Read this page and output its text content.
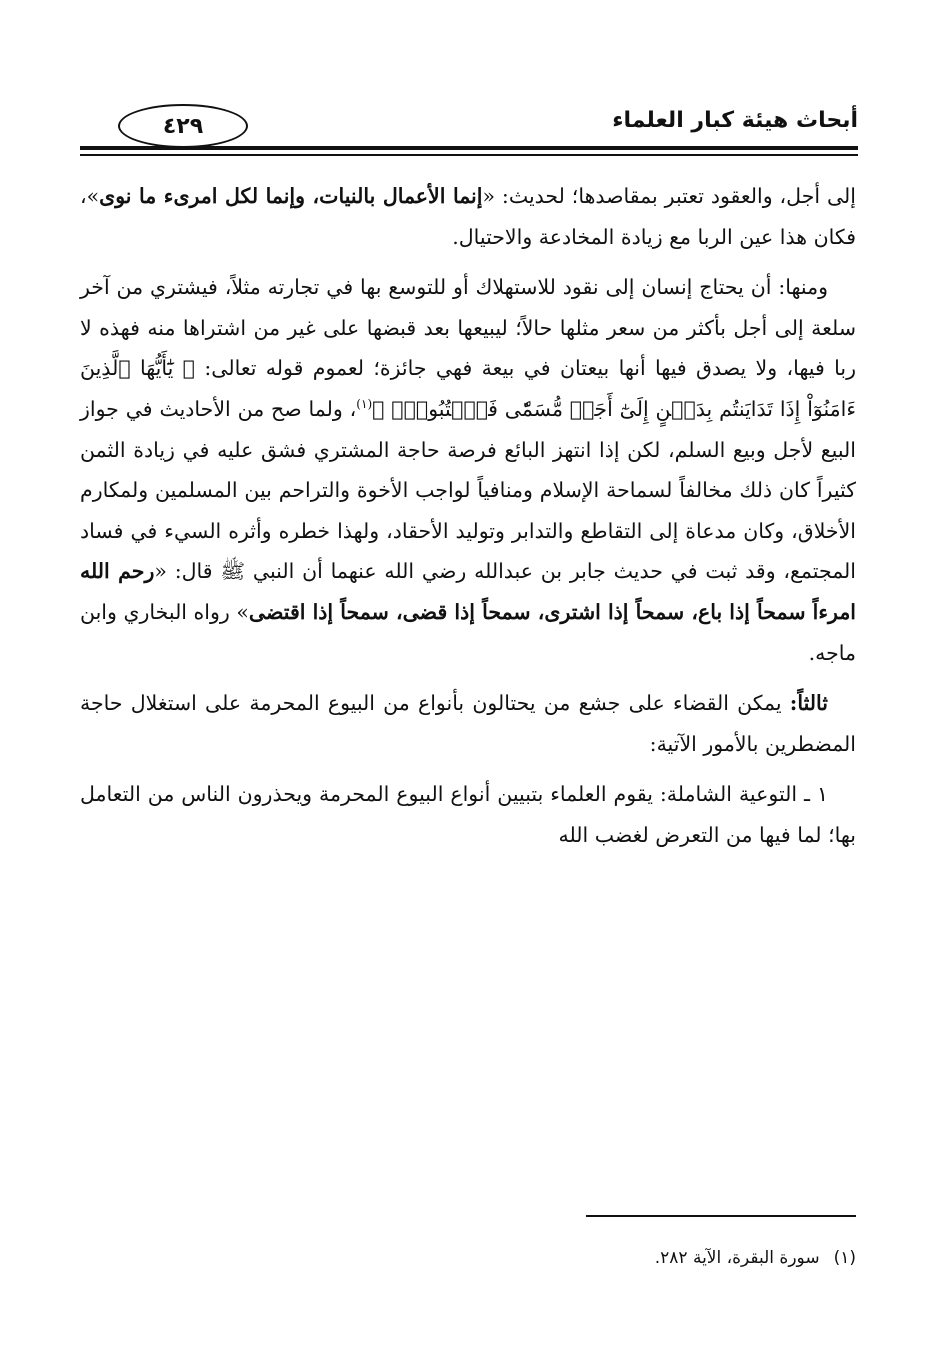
أبحاث هيئة كبار العلماء
٤٢٩

إلى أجل، والعقود تعتبر بمقاصدها؛ لحديث: «إنما الأعمال بالنيات، وإنما لكل امرىء ما نوى»، فكان هذا عين الربا مع زيادة المخادعة والاحتيال.

ومنها: أن يحتاج إنسان إلى نقود للاستهلاك أو للتوسع بها في تجارته مثلاً، فيشتري من آخر سلعة إلى أجل بأكثر من سعر مثلها حالاً؛ ليبيعها بعد قبضها على غير من اشتراها منه فهذه لا ربا فيها، ولا يصدق فيها أنها بيعتان في بيعة فهي جائزة؛ لعموم قوله تعالى: ﴿ يَٰٓأَيُّهَا ٱلَّذِينَ ءَامَنُوٓاْ إِذَا تَدَايَنتُم بِدَيۡنٍ إِلَىٰٓ أَجَلٖ مُّسَمّٗى فَٱكۡتُبُوهُۚ ﴾$^{(١)}$، ولما صح من الأحاديث في جواز البيع لأجل وبيع السلم، لكن إذا انتهز البائع فرصة حاجة المشتري فشق عليه في زيادة الثمن كثيراً كان ذلك مخالفاً لسماحة الإسلام ومنافياً لواجب الأخوة والتراحم بين المسلمين ولمكارم الأخلاق، وكان مدعاة إلى التقاطع والتدابر وتوليد الأحقاد، ولهذا خطره وأثره السيء في فساد المجتمع، وقد ثبت في حديث جابر بن عبدالله رضي الله عنهما أن النبي ﷺ قال: «رحم الله امرءاً سمحاً إذا باع، سمحاً إذا اشترى، سمحاً إذا قضى، سمحاً إذا اقتضى» رواه البخاري وابن ماجه.

ثالثاً: يمكن القضاء على جشع من يحتالون بأنواع من البيوع المحرمة على استغلال حاجة المضطرين بالأمور الآتية:

١ ـ التوعية الشاملة: يقوم العلماء بتبيين أنواع البيوع المحرمة ويحذرون الناس من التعامل بها؛ لما فيها من التعرض لغضب الله

(١)سورة البقرة، الآية ٢٨٢.
